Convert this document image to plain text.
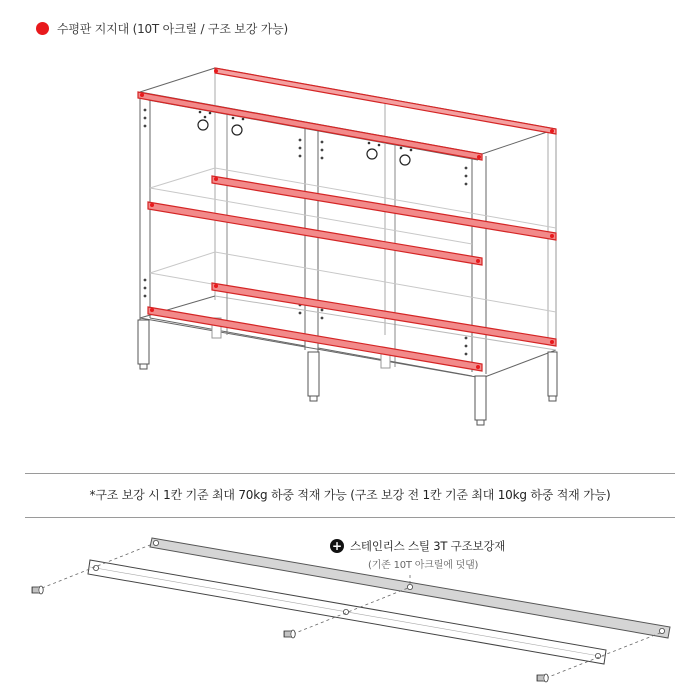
수평판 지지대 (10T 아크릴 / 구조 보강 가능)
*구조 보강 시 1칸 기준 최대 70kg 하중 적재 가능 (구조 보강 전 1칸 기준 최대 10kg 하중 적재 가능)
+ 스테인리스 스틸 3T 구조보강재
(기존 10T 아크릴에 덧댐)
